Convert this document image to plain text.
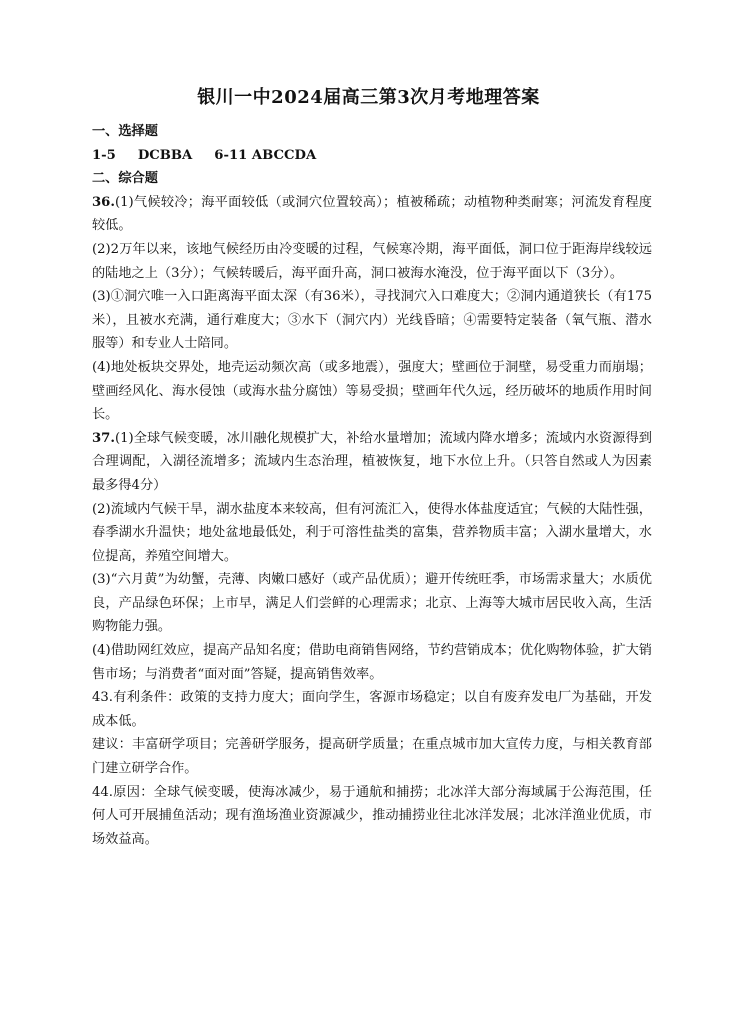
银川一中2024届高三第3次月考地理答案
一、选择题
1-5 DCBBA 6-11 ABCCDA
二、综合题
36.(1)气候较冷；海平面较低（或洞穴位置较高）；植被稀疏；动植物种类耐寒；河流发育程度较低。
(2)2万年以来，该地气候经历由冷变暖的过程，气候寒冷期，海平面低，洞口位于距海岸线较远的陆地之上（3分）；气候转暖后，海平面升高，洞口被海水淹没，位于海平面以下（3分）。
(3)①洞穴唯一入口距离海平面太深（有36米），寻找洞穴入口难度大；②洞内通道狭长（有175米），且被水充满，通行难度大；③水下（洞穴内）光线昏暗；④需要特定装备（氧气瓶、潜水服等）和专业人士陪同。
(4)地处板块交界处，地壳运动频次高（或多地震），强度大；壁画位于洞壁，易受重力而崩塌；壁画经风化、海水侵蚀（或海水盐分腐蚀）等易受损；壁画年代久远，经历破坏的地质作用时间长。
37.(1)全球气候变暖，冰川融化规模扩大，补给水量增加；流域内降水增多；流域内水资源得到合理调配，入湖径流增多；流域内生态治理，植被恢复，地下水位上升。（只答自然或人为因素最多得4分）
(2)流域内气候干旱，湖水盐度本来较高，但有河流汇入，使得水体盐度适宜；气候的大陆性强，春季湖水升温快；地处盆地最低处，利于可溶性盐类的富集，营养物质丰富；入湖水量增大，水位提高，养殖空间增大。
(3)“六月黄”为幼蟹，壳薄、肉嫩口感好（或产品优质）；避开传统旺季，市场需求量大；水质优良，产品绿色环保；上市早，满足人们尝鲜的心理需求；北京、上海等大城市居民收入高，生活购物能力强。
(4)借助网红效应，提高产品知名度；借助电商销售网络，节约营销成本；优化购物体验，扩大销售市场；与消费者“面对面”答疑，提高销售效率。
43.有利条件：政策的支持力度大；面向学生，客源市场稳定；以自有废弃发电厂为基础，开发成本低。
建议：丰富研学项目；完善研学服务，提高研学质量；在重点城市加大宣传力度，与相关教育部门建立研学合作。
44.原因：全球气候变暖，使海冰减少，易于通航和捕捞；北冰洋大部分海域属于公海范围，任何人可开展捕鱼活动；现有渔场渔业资源减少，推动捕捞业往北冰洋发展；北冰洋渔业优质，市场效益高。
